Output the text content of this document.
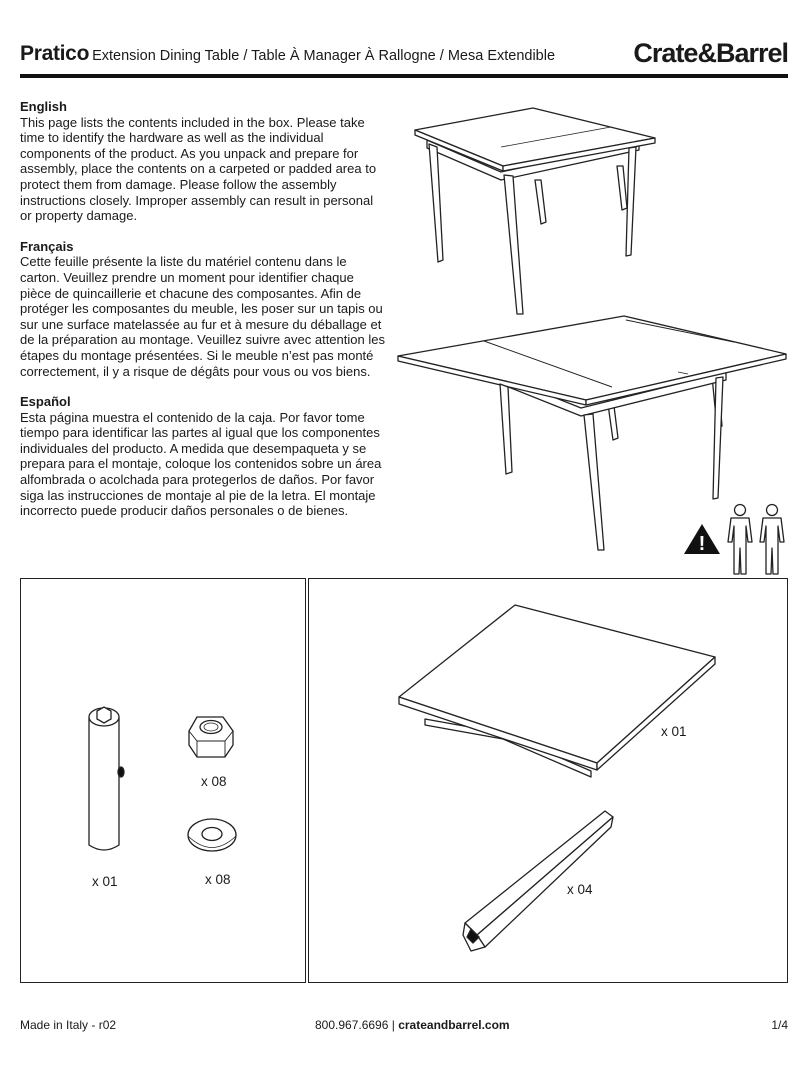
Pratico Extension Dining Table / Table À Manager À Rallogne / Mesa Extendible	Crate&Barrel
English

This page lists the contents included in the box. Please take time to identify the hardware as well as the individual components of the product. As you unpack and prepare for assembly, place the contents on a carpeted or padded area to protect them from damage. Please follow the assembly instructions closely. Improper assembly can result in personal or property damage.

Français

Cette feuille présente la liste du matériel contenu dans le carton. Veuillez prendre un moment pour identifier chaque pièce de quincaillerie et chacune des composantes. Afin de protéger les composantes du meuble, les poser sur un tapis ou sur une surface matelassée au fur et à mesure du déballage et de la préparation au montage. Veuillez suivre avec attention les étapes du montage présentées. Si le meuble n’est pas monté correctement, il y a risque de dégâts pour vous ou vos biens.

Español

Esta página muestra el contenido de la caja. Por favor tome tiempo para identificar las partes al igual que los componentes individuales del producto. A medida que desempaqueta y se prepara para el montaje, coloque los contenidos sobre un área alfombrada o acolchada para protegerlos de daños. Por favor siga las instrucciones de montaje al pie de la letra. El montaje incorrecto puede producir daños personales o de bienes.

!
x 08
x 01	x 08
x 01
x 04
Made in Italy - r02	800.967.6696 | crateandbarrel.com	1/4
